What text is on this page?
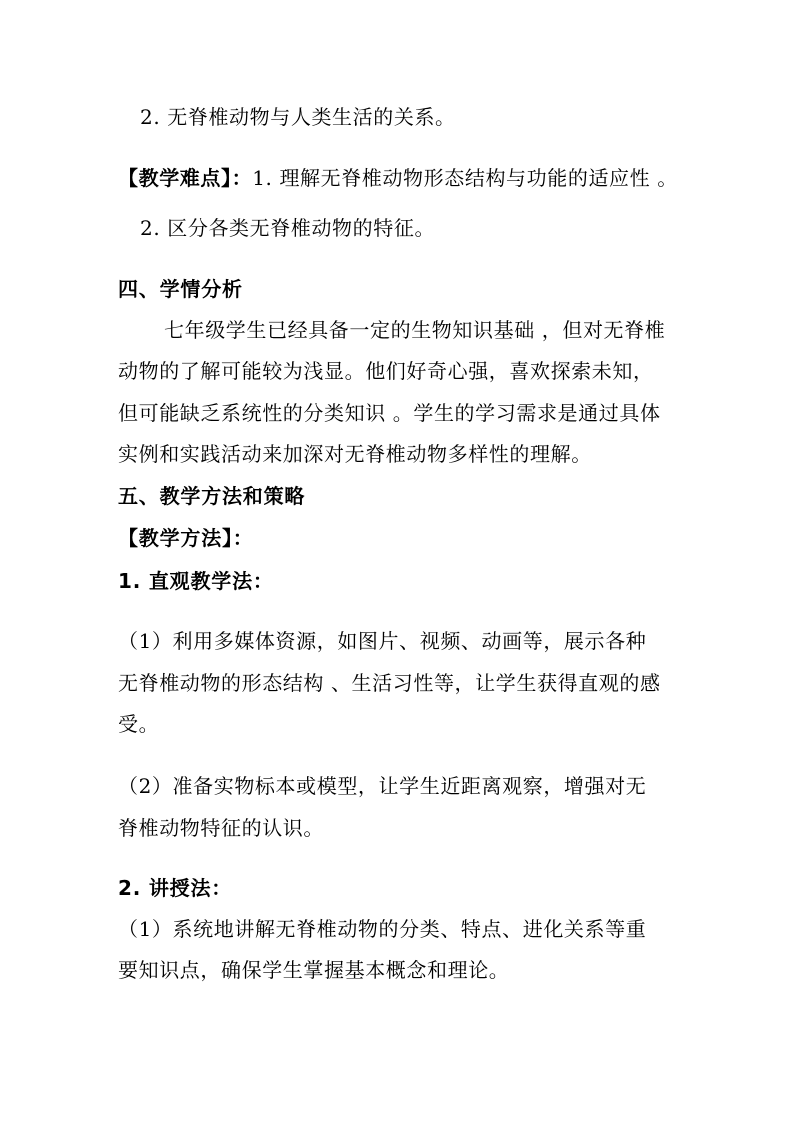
2. 无脊椎动物与人类生活的关系。
【教学难点】：1. 理解无脊椎动物形态结构与功能的适应性 。
2. 区分各类无脊椎动物的特征。
四、学情分析
七年级学生已经具备一定的生物知识基础 ，但对无脊椎
动物的了解可能较为浅显。他们好奇心强，喜欢探索未知，
但可能缺乏系统性的分类知识 。学生的学习需求是通过具体
实例和实践活动来加深对无脊椎动物多样性的理解。
五、教学方法和策略
【教学方法】：
1. 直观教学法：
（1）利用多媒体资源，如图片、视频、动画等，展示各种
无脊椎动物的形态结构 、生活习性等，让学生获得直观的感
受。
（2）准备实物标本或模型，让学生近距离观察，增强对无
脊椎动物特征的认识。
2. 讲授法：
（1）系统地讲解无脊椎动物的分类、特点、进化关系等重
要知识点，确保学生掌握基本概念和理论。
